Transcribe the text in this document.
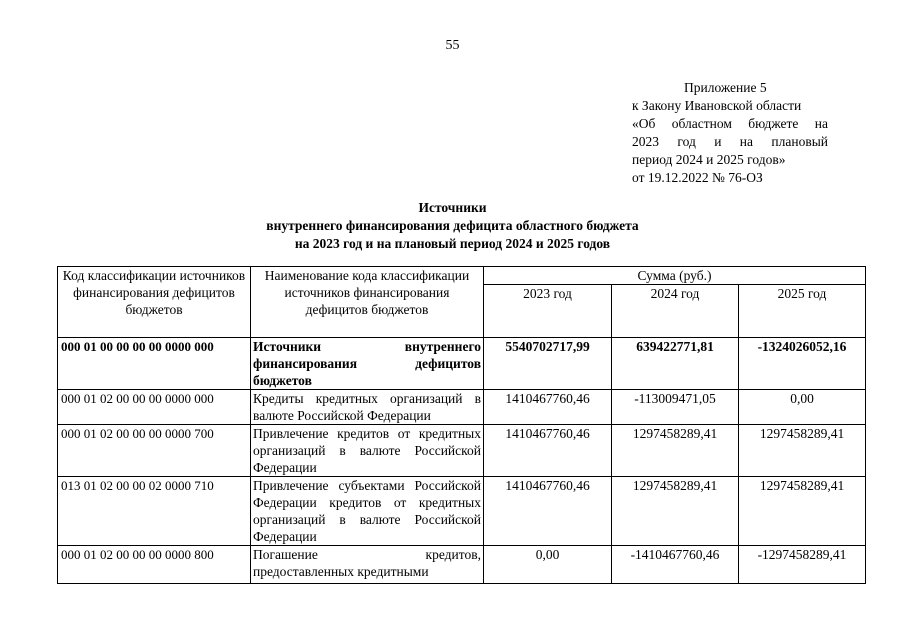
55
Приложение 5
к Закону Ивановской области
«Об областном бюджете на
2023 год и на плановый
период 2024 и 2025 годов»
от 19.12.2022 № 76-ОЗ
Источники
внутреннего финансирования дефицита областного бюджета
на 2023 год и на плановый период 2024 и 2025 годов
Код классификации источников финансирования дефицитов бюджетов	Наименование кода классификации источников финансирования дефицитов бюджетов	Сумма (руб.)		
		2023 год	2024 год	2025 год
000 01 00 00 00 00 0000 000	Источники внутреннего финансирования дефицитов бюджетов	5540702717,99	639422771,81	-1324026052,16
000 01 02 00 00 00 0000 000	Кредиты кредитных организаций в валюте Российской Федерации	1410467760,46	-113009471,05	0,00
000 01 02 00 00 00 0000 700	Привлечение кредитов от кредитных организаций в валюте Российской Федерации	1410467760,46	1297458289,41	1297458289,41
013 01 02 00 00 02 0000 710	Привлечение субъектами Российской Федерации кредитов от кредитных организаций в валюте Российской Федерации	1410467760,46	1297458289,41	1297458289,41
000 01 02 00 00 00 0000 800	Погашение кредитов, предоставленных кредитными	0,00	-1410467760,46	-1297458289,41
